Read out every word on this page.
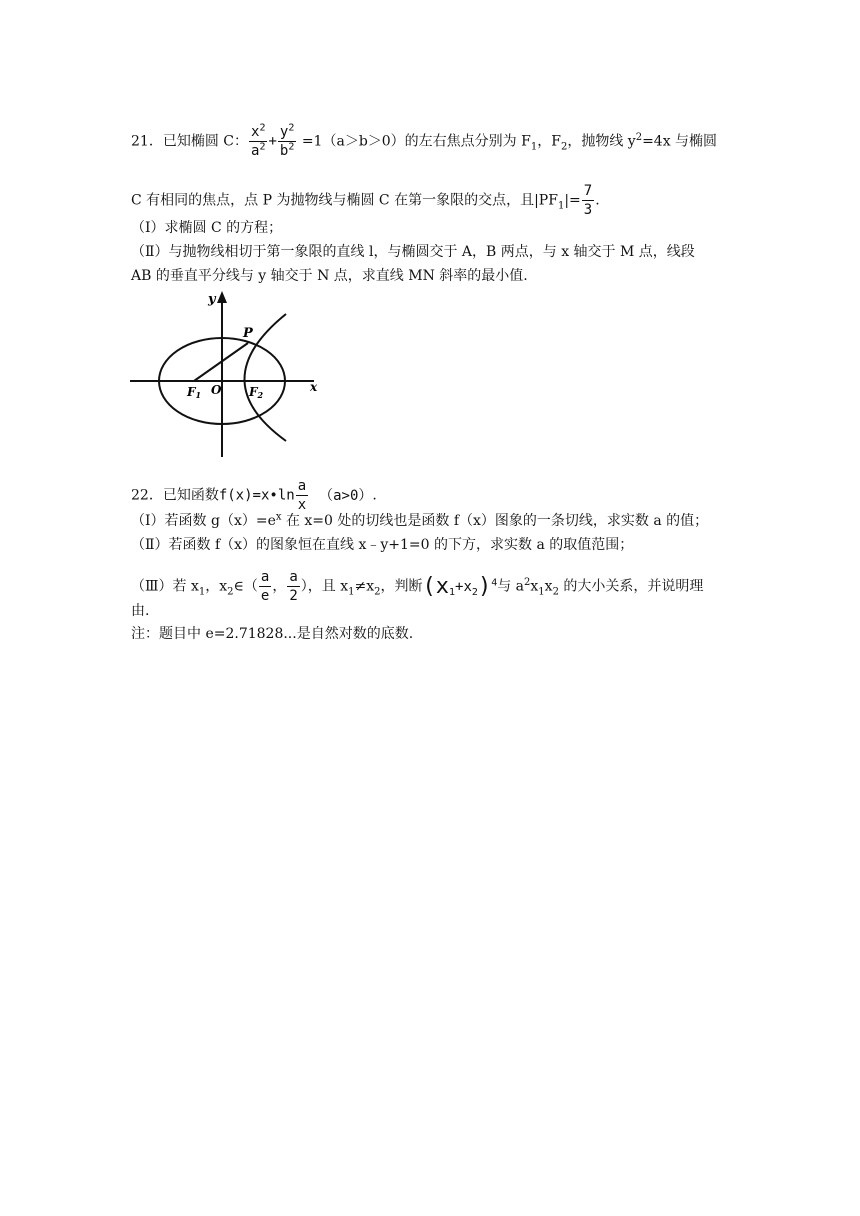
21．已知椭圆 C： $\frac{x^2}{a^2} + \frac{y^2}{b^2} =1(a>b>0)$的左右焦点分别为 $F_1$，$F_2$，抛物线 $y^2=4x$ 与椭圆
C 有相同的焦点，点 P 为抛物线与椭圆 C 在第一象限的交点，且$|PF_1|= \frac{7}{3}$ .
（I）求椭圆 C 的方程；
（Ⅱ）与抛物线相切于第一象限的直线 l，与椭圆交于 A，B 两点，与 x 轴交于 M 点，线段
AB 的垂直平分线与 y 轴交于 N 点，求直线 MN 斜率的最小值.
y
x
P
O
F1	F2
22．已知函数f(x)=x•ln $\frac{a}{x} (a>0)$.
（Ⅰ）若函数 $g(x)=e^x$ 在 x=0 处的切线也是函数 f（x）图象的一条切线，求实数 a 的值；
（Ⅱ）若函数 f（x）的图象恒在直线 x﹣y+1=0 的下方，求实数 a 的取值范围；
（Ⅲ）若 $x_1$，$x_2\in( \frac{a}{e}$ ， $\frac{a}{2}$ ），且 $x_1\ne x_2$，判断$(x_1+x_2)^4$与 $a^2x_1x_2$ 的大小关系，并说明理
由.
注：题目中 e=2.71828...是自然对数的底数.
